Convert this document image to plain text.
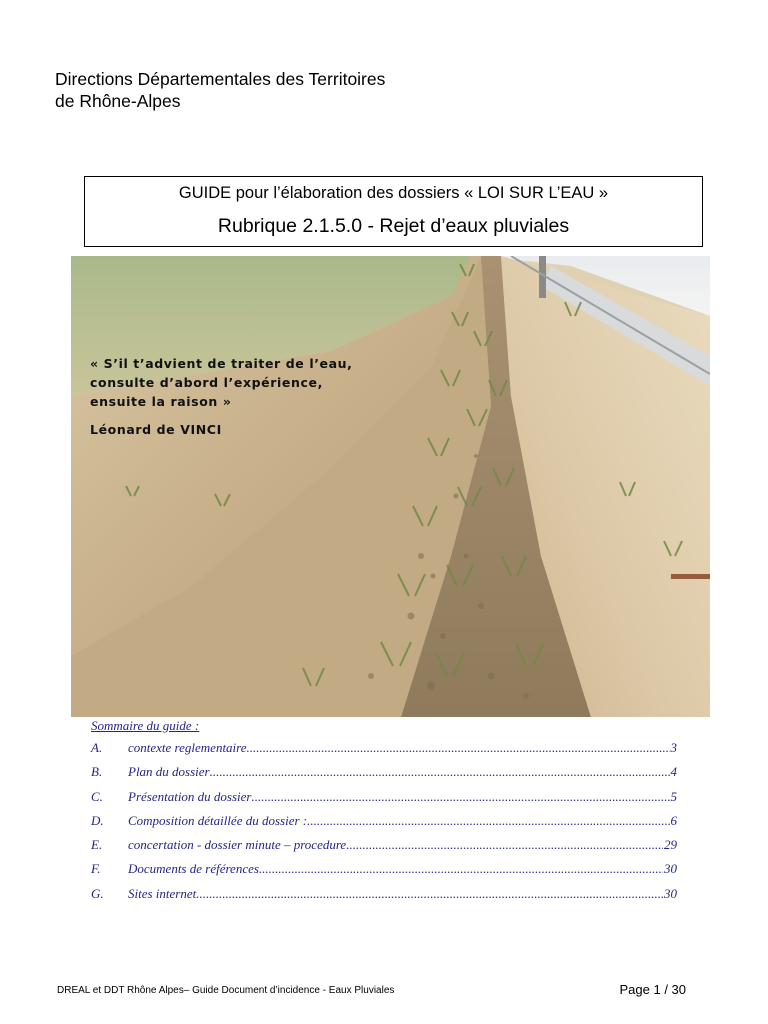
Directions Départementales des Territoires
de Rhône-Alpes
GUIDE pour l’élaboration des dossiers « LOI SUR L’EAU »
Rubrique 2.1.5.0 - Rejet d’eaux pluviales
« S’il t’advient de traiter de l’eau,
consulte d’abord l’expérience,
ensuite la raison »
Léonard de VINCI
Sommaire du guide :
A.	contexte reglementaire .....	3
B.	Plan du dossier .....	4
C.	Présentation du dossier .....	5
D.	Composition détaillée du dossier : .....	6
E.	concertation - dossier minute – procedure .....	29
F.	Documents de références .....	30
G.	Sites internet .....	30
DREAL et DDT Rhône Alpes– Guide Document d’incidence - Eaux Pluviales	Page 1 / 30
